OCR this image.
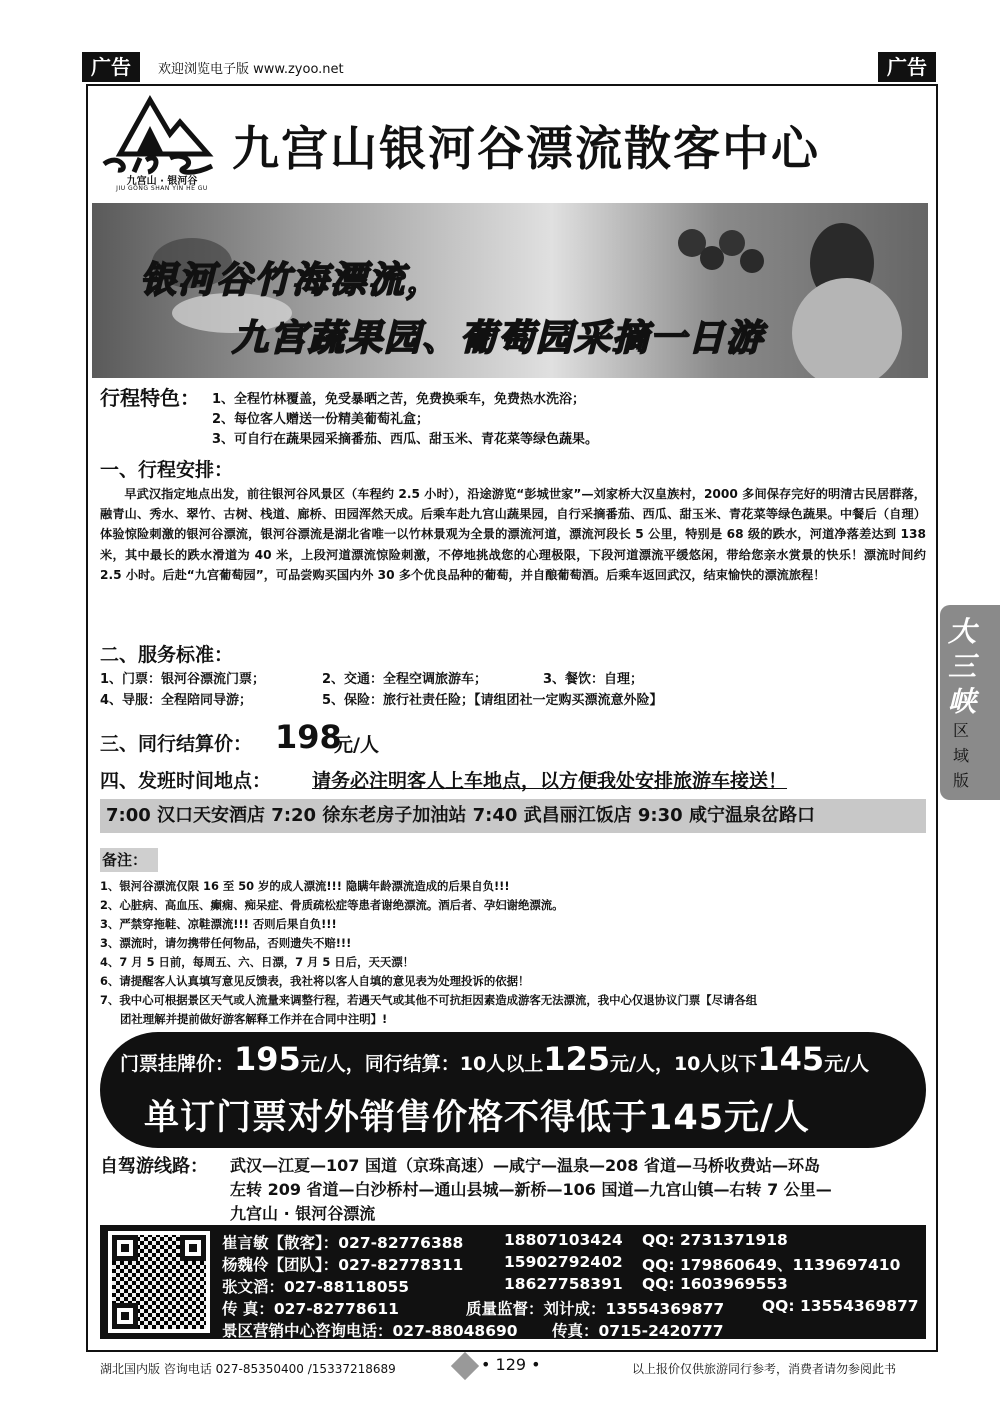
广告	欢迎浏览电子版 www.zyoo.net	广告
九宫山 · 银河谷
JIU GONG SHAN YIN HE GU
九宫山银河谷漂流散客中心
银河谷竹海漂流，
九宫蔬果园、葡萄园采摘一日游
行程特色： 1、全程竹林覆盖，免受暴晒之苦，免费换乘车，免费热水洗浴；
2、每位客人赠送一份精美葡萄礼盒；
3、可自行在蔬果园采摘番茄、西瓜、甜玉米、青花菜等绿色蔬果。
一、行程安排：
早武汉指定地点出发，前往银河谷风景区（车程约 2.5 小时），沿途游览“彭城世家”—刘家桥大汉皇族村，2000 多间保存完好的明清古民居群落，融青山、秀水、翠竹、古树、栈道、廊桥、田园浑然天成。后乘车赴九宫山蔬果园，自行采摘番茄、西瓜、甜玉米、青花菜等绿色蔬果。中餐后（自理）体验惊险刺激的银河谷漂流，银河谷漂流是湖北省唯一以竹林景观为全景的漂流河道，漂流河段长 5 公里，特别是 68 级的跌水，河道净落差达到 138 米，其中最长的跌水滑道为 40 米，上段河道漂流惊险刺激，不停地挑战您的心理极限，下段河道漂流平缓悠闲，带给您亲水赏景的快乐！漂流时间约 2.5 小时。后赴“九宫葡萄园”，可品尝购买国内外 30 多个优良品种的葡萄，并自酿葡萄酒。后乘车返回武汉，结束愉快的漂流旅程！
二、服务标准：
1、门票：银河谷漂流门票；	2、交通：全程空调旅游车；	3、餐饮：自理；
4、导服：全程陪同导游；	5、保险：旅行社责任险；【请组团社一定购买漂流意外险】
三、同行结算价： 198
元/人
四、发班时间地点： 请务必注明客人上车地点，以方便我处安排旅游车接送！
7:00 汉口天安酒店 7:20 徐东老房子加油站 7:40 武昌丽江饭店 9:30 咸宁温泉岔路口
备注：
1、银河谷漂流仅限 16 至 50 岁的成人漂流!!! 隐瞒年龄漂流造成的后果自负!!!
2、心脏病、高血压、癫痫、痴呆症、骨质疏松症等患者谢绝漂流。酒后者、孕妇谢绝漂流。
3、严禁穿拖鞋、凉鞋漂流!!! 否则后果自负!!!
3、漂流时，请勿携带任何物品，否则遗失不赔!!!
4、7 月 5 日前，每周五、六、日漂，7 月 5 日后，天天漂！
6、请提醒客人认真填写意见反馈表，我社将以客人自填的意见表为处理投诉的依据！
7、我中心可根据景区天气或人流量来调整行程，若遇天气或其他不可抗拒因素造成游客无法漂流，我中心仅退协议门票【尽请各组
团社理解并提前做好游客解释工作并在合同中注明】!
门票挂牌价：195元/人，同行结算：10人以上125元/人，10人以下145元/人
单订门票对外销售价格不得低于145元/人
自驾游线路： 武汉—江夏—107 国道（京珠高速）—咸宁—温泉—208 省道—马桥收费站—环岛
左转 209 省道—白沙桥村—通山县城—新桥—106 国道—九宫山镇—右转 7 公里—
九宫山 · 银河谷漂流
崔言敏【散客】：027-82776388	18807103424 QQ: 2731371918
杨魏伶【团队】：027-82778311	15902792402 QQ: 179860649、1139697410
张文滔：027-88118055	18627758391 QQ: 1603969553
传 真：027-82778611	质量监督：刘计成：13554369877 QQ: 13554369877
景区营销中心咨询电话：027-88048690 传真：0715-2420777
大
三
峡
区
域
版
湖北国内版 咨询电话 027-85350400 /15337218689	• 129 •	以上报价仅供旅游同行参考，消费者请勿参阅此书
